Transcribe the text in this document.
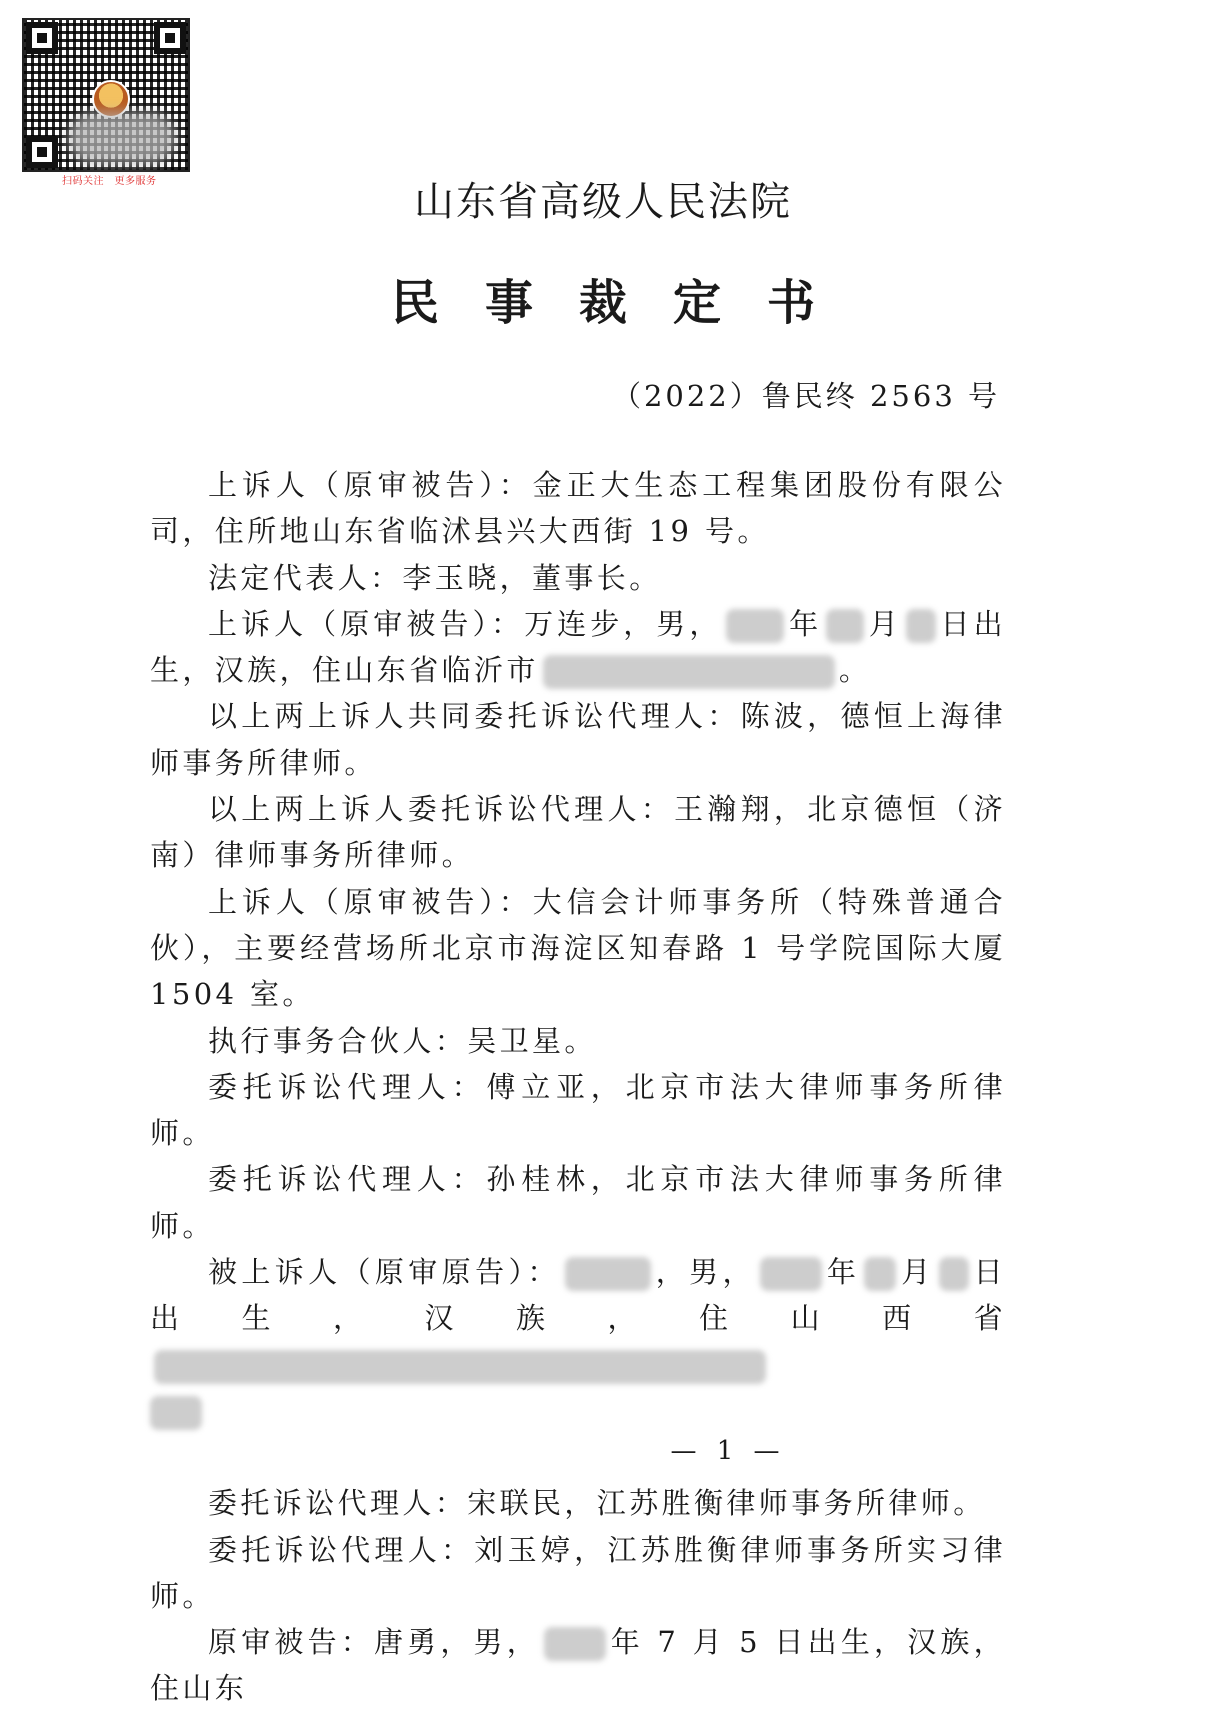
扫码关注　更多服务	山东省高级人民法院
民事裁定书
（2022）鲁民终 2563 号

上诉人（原审被告）：金正大生态工程集团股份有限公司，住所地山东省临沭县兴大西街 19 号。

法定代表人：李玉晓，董事长。

上诉人（原审被告）：万连步，男， 年 月 日出生，汉族，住山东省临沂市	。

以上两上诉人共同委托诉讼代理人：陈波，德恒上海律师事务所律师。

以上两上诉人委托诉讼代理人：王瀚翔，北京德恒（济南）律师事务所律师。

上诉人（原审被告）：大信会计师事务所（特殊普通合伙），主要经营场所北京市海淀区知春路 1 号学院国际大厦 1504 室。

执行事务合伙人：吴卫星。

委托诉讼代理人：傅立亚，北京市法大律师事务所律师。

委托诉讼代理人：孙桂林，北京市法大律师事务所律师。

被上诉人（原审原告）：	，男， 年 月 日出生，汉族，住山西省

委托诉讼代理人：宋联民，江苏胜衡律师事务所律师。

委托诉讼代理人：刘玉婷，江苏胜衡律师事务所实习律师。

原审被告：唐勇，男， 年 7 月 5 日出生，汉族，住山东

— 1 —
